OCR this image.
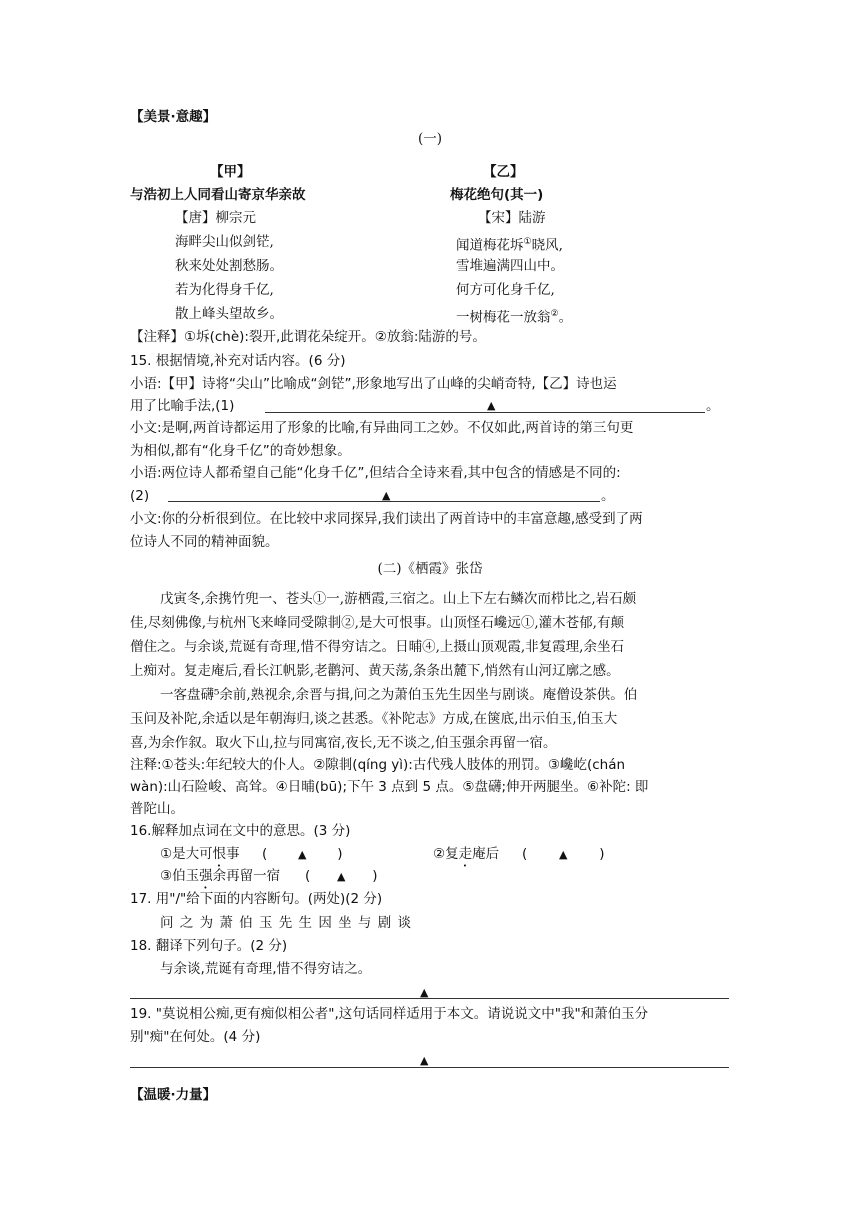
【美景·意趣】
(一)
【甲】
与浩初上人同看山寄京华亲故
【唐】柳宗元
海畔尖山似剑铓,
秋来处处割愁肠。
若为化得身千亿,
散上峰头望故乡。
【乙】
梅花绝句(其一)
【宋】陆游
闻道梅花坼①晓风,
雪堆遍满四山中。
何方可化身千亿,
一树梅花一放翁②。
【注释】①坼(chè):裂开,此谓花朵绽开。②放翁:陆游的号。
15. 根据情境,补充对话内容。(6 分)
小语:【甲】诗将“尖山”比喻成“剑铓”,形象地写出了山峰的尖峭奇特,【乙】诗也运
用了比喻手法,(1)	▲	。
小文:是啊,两首诗都运用了形象的比喻,有异曲同工之妙。不仅如此,两首诗的第三句更
为相似,都有“化身千亿”的奇妙想象。
小语:两位诗人都希望自己能“化身千亿”,但结合全诗来看,其中包含的情感是不同的:
(2)	▲	。
小文:你的分析很到位。在比较中求同探异,我们读出了两首诗中的丰富意趣,感受到了两
位诗人不同的精神面貌。
(二)《栖霞》张岱
戊寅冬,余携竹兜一、苍头①一,游栖霞,三宿之。山上下左右鳞次而栉比之,岩石颇
佳,尽刻佛像,与杭州飞来峰同受隙剕②,是大可恨事。山顶怪石巉远①,灌木苍郁,有颠
僧住之。与余谈,荒诞有奇理,惜不得穷诘之。日晡④,上摄山顶观霞,非复霞理,余坐石
上痴对。复走庵后,看长江帆影,老鹳河、黄天荡,条条出麓下,悄然有山河辽廓之感。
一客盘礴⁵余前,熟视余,余晋与揖,问之为萧伯玉先生因坐与剧谈。庵僧设茶供。伯
玉问及补陀,余适以是年朝海归,谈之甚悉。《补陀志》方成,在箧底,出示伯玉,伯玉大
喜,为余作叙。取火下山,拉与同寓宿,夜长,无不谈之,伯玉强余再留一宿。
注释:①苍头:年纪较大的仆人。②隙剕(qíng yì):古代残人肢体的刑罚。③巉屹(chán
wàn):山石险峻、高耸。④日晡(bū);下午 3 点到 5 点。⑤盘礴;伸开两腿坐。⑥补陀: 即
普陀山。
16.解释加点词在文中的意思。(3 分)
①是大可恨事 (	▲ )	②复走庵后 (	▲ )
③伯玉强余再留一宿 ( ▲ )
17. 用"/"给下面的内容断句。(两处)(2 分)
问 之 为 萧 伯 玉 先 生 因 坐 与 剧 谈
18. 翻译下列句子。(2 分)
与余谈,荒诞有奇理,惜不得穷诘之。
▲
19. "莫说相公痴,更有痴似相公者",这句话同样适用于本文。请说说文中"我"和萧伯玉分
别"痴"在何处。(4 分)
▲
【温暖·力量】
